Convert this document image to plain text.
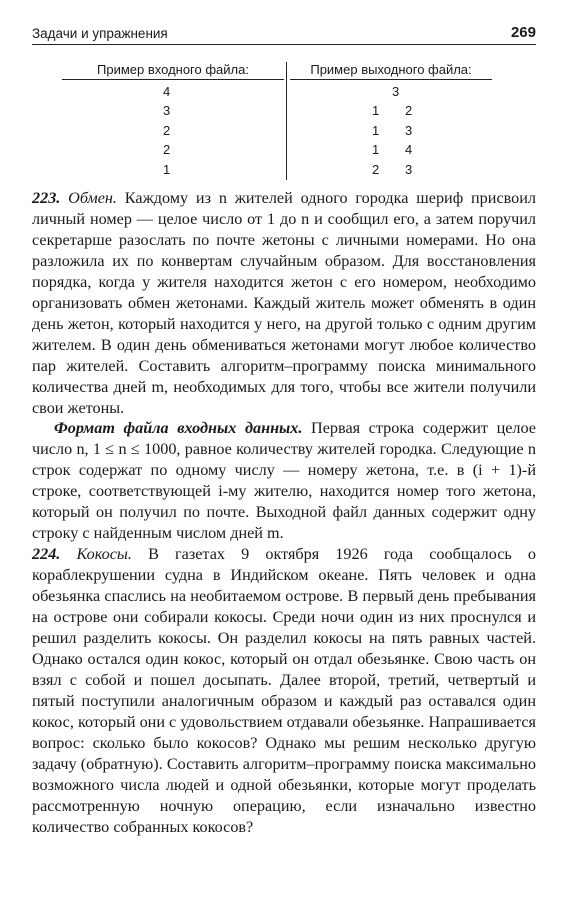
Задачи и упражнения	269
Пример входного файла:
4
3
2
2
1
Пример выходного файла:
3
1 2
1 3
1 4
2 3

223. Обмен. Каждому из n жителей одного городка шериф присвоил личный номер — целое число от 1 до n и сообщил его, а затем поручил секретарше разослать по почте жетоны с личными номерами. Но она разложила их по конвертам случайным образом. Для восстановления порядка, когда у жителя находится жетон с его номером, необходимо организовать обмен жетонами. Каждый житель может обменять в один день жетон, который находится у него, на другой только с одним другим жителем. В один день обмениваться жетонами могут любое количество пар жителей. Составить алгоритм–программу поиска минимального количества дней m, необходимых для того, чтобы все жители получили свои жетоны.

Формат файла входных данных. Первая строка содержит целое число n, 1 ≤ n ≤ 1000, равное количеству жителей городка. Следующие n строк содержат по одному числу — номеру жетона, т.е. в (i + 1)-й строке, соответствующей i-му жителю, находится номер того жетона, который он получил по почте. Выходной файл данных содержит одну строку с найденным числом дней m.

224. Кокосы. В газетах 9 октября 1926 года сообщалось о кораблекрушении судна в Индийском океане. Пять человек и одна обезьянка спаслись на необитаемом острове. В первый день пребывания на острове они собирали кокосы. Среди ночи один из них проснулся и решил разделить кокосы. Он разделил кокосы на пять равных частей. Однако остался один кокос, который он отдал обезьянке. Свою часть он взял с собой и пошел досыпать. Далее второй, третий, четвертый и пятый поступили аналогичным образом и каждый раз оставался один кокос, который они с удовольствием отдавали обезьянке. Напрашивается вопрос: сколько было кокосов? Однако мы решим несколько другую задачу (обратную). Составить алгоритм–программу поиска максимально возможного числа людей и одной обезьянки, которые могут проделать рассмотренную ночную операцию, если изначально известно количество собранных кокосов?
